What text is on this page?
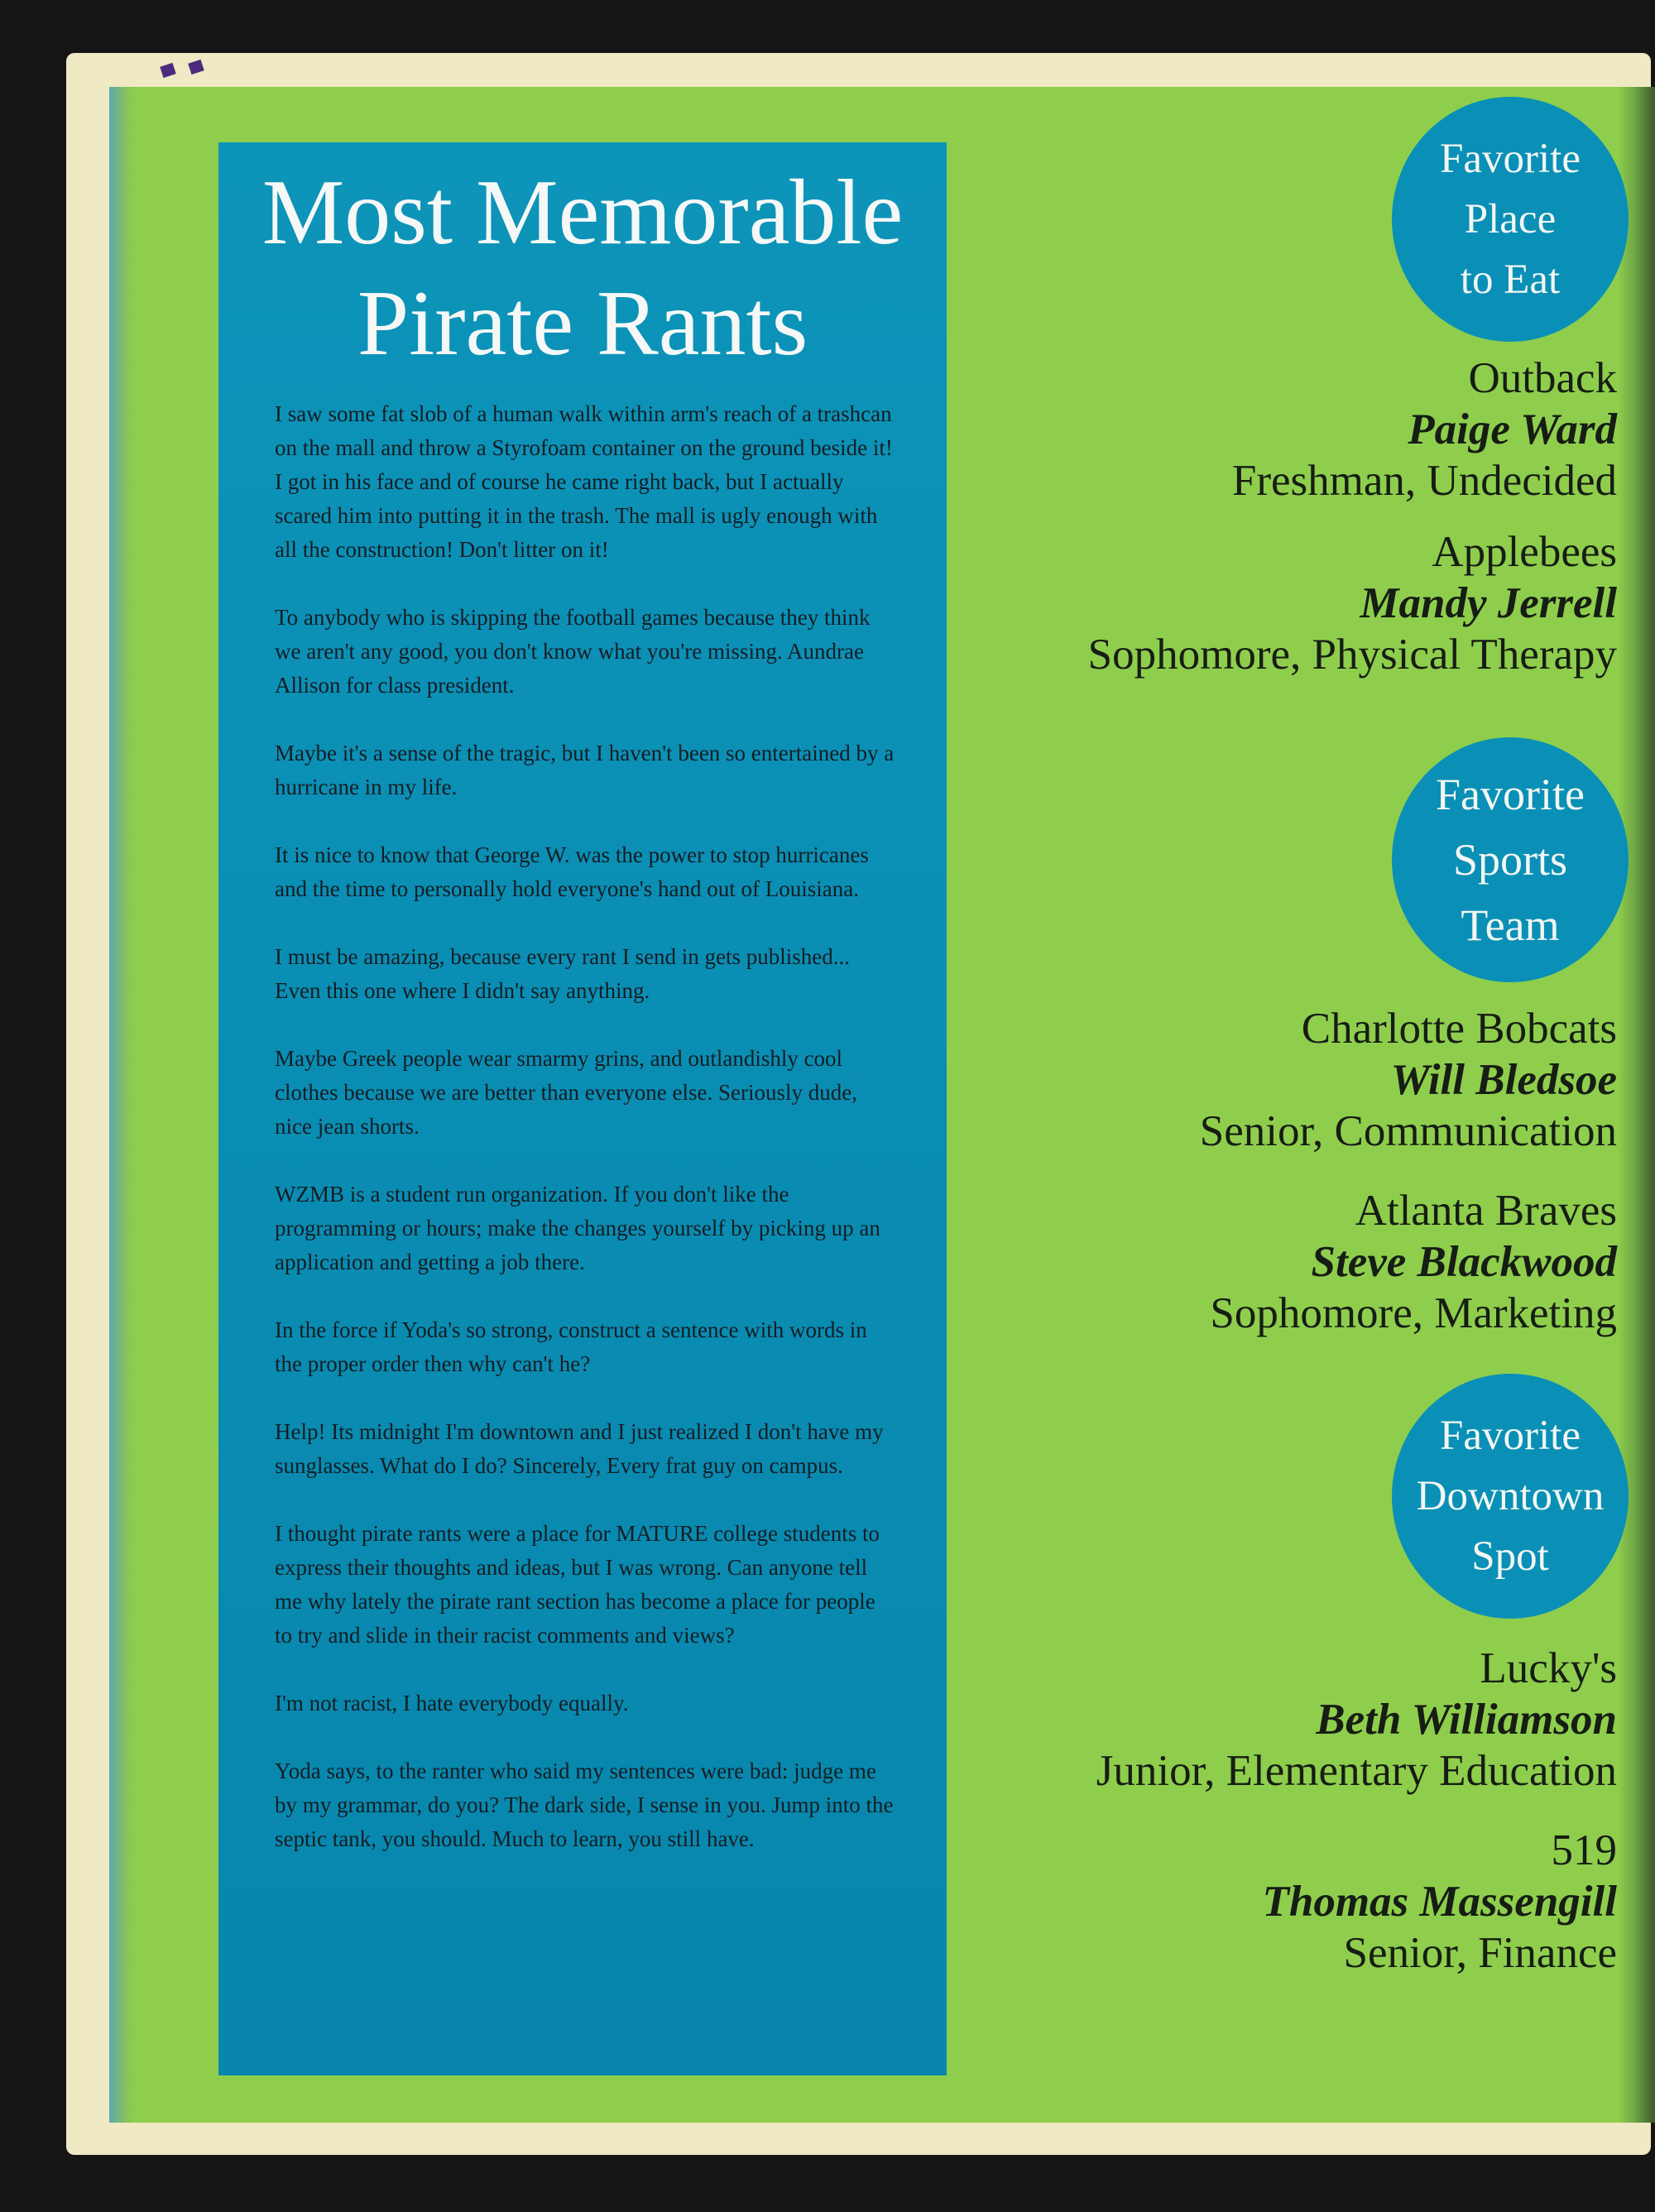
Most Memorable
Pirate Rants
I saw some fat slob of a human walk within arm's reach of a trashcan on the mall and throw a Styrofoam container on the ground beside it! I got in his face and of course he came right back, but I actually scared him into putting it in the trash. The mall is ugly enough with all the construction! Don't litter on it!
To anybody who is skipping the football games because they think we aren't any good, you don't know what you're missing. Aundrae Allison for class president.
Maybe it's a sense of the tragic, but I haven't been so entertained by a hurricane in my life.
It is nice to know that George W. was the power to stop hurricanes and the time to personally hold everyone's hand out of Louisiana.
I must be amazing, because every rant I send in gets published... Even this one where I didn't say anything.
Maybe Greek people wear smarmy grins, and outlandishly cool clothes because we are better than everyone else. Seriously dude, nice jean shorts.
WZMB is a student run organization. If you don't like the programming or hours; make the changes yourself by picking up an application and getting a job there.
In the force if Yoda's so strong, construct a sentence with words in the proper order then why can't he?
Help! Its midnight I'm downtown and I just realized I don't have my sunglasses. What do I do? Sincerely, Every frat guy on campus.
I thought pirate rants were a place for MATURE college students to express their thoughts and ideas, but I was wrong. Can anyone tell me why lately the pirate rant section has become a place for people to try and slide in their racist comments and views?
I'm not racist, I hate everybody equally.
Yoda says, to the ranter who said my sentences were bad: judge me by my grammar, do you? The dark side, I sense in you. Jump into the septic tank, you should. Much to learn, you still have.
Favorite
Place
to Eat
Outback
Paige Ward
Freshman, Undecided
Applebees
Mandy Jerrell
Sophomore, Physical Therapy
Favorite
Sports
Team
Charlotte Bobcats
Will Bledsoe
Senior, Communication
Atlanta Braves
Steve Blackwood
Sophomore, Marketing
Favorite
Downtown
Spot
Lucky's
Beth Williamson
Junior, Elementary Education
519
Thomas Massengill
Senior, Finance
